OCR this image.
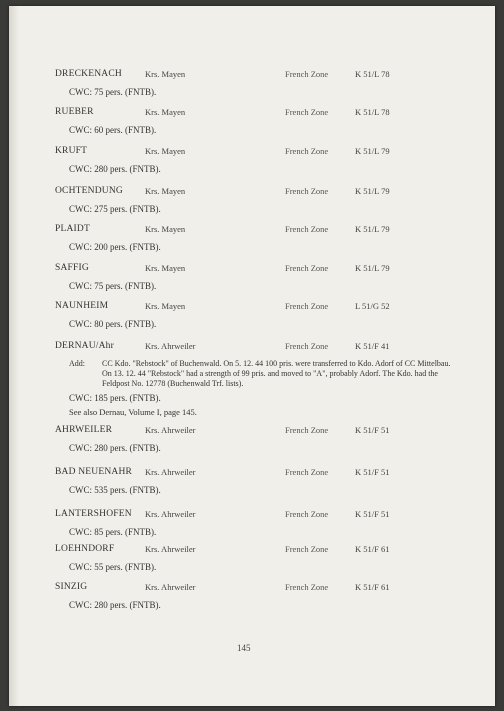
DRECKENACH	Krs. Mayen	French Zone	K 51/L 78
CWC: 75 pers. (FNTB).
RUEBER	Krs. Mayen	French Zone	K 51/L 78
CWC: 60 pers. (FNTB).
KRUFT	Krs. Mayen	French Zone	K 51/L 79
CWC: 280 pers. (FNTB).
OCHTENDUNG	Krs. Mayen	French Zone	K 51/L 79
CWC: 275 pers. (FNTB).
PLAIDT	Krs. Mayen	French Zone	K 51/L 79
CWC: 200 pers. (FNTB).
SAFFIG	Krs. Mayen	French Zone	K 51/L 79
CWC: 75 pers. (FNTB).
NAUNHEIM	Krs. Mayen	French Zone	L 51/G 52
CWC: 80 pers. (FNTB).
DERNAU/Ahr	Krs. Ahrweiler	French Zone	K 51/F 41
Add:	CC Kdo. "Rebstock" of Buchenwald. On 5. 12. 44 100 pris. were transferred to Kdo. Adorf of CC Mittelbau. On 13. 12. 44 "Rebstock" had a strength of 99 pris. and moved to "A", probably Adorf. The Kdo. had the Feldpost No. 12778 (Buchenwald Trf. lists).
CWC: 185 pers. (FNTB).
See also Dernau, Volume I, page 145.
AHRWEILER	Krs. Ahrweiler	French Zone	K 51/F 51
CWC: 280 pers. (FNTB).
BAD NEUENAHR Krs. Ahrweiler	French Zone	K 51/F 51
CWC: 535 pers. (FNTB).
LANTERSHOFEN Krs. Ahrweiler	French Zone	K 51/F 51
CWC: 85 pers. (FNTB).
LOEHNDORF	Krs. Ahrweiler	French Zone	K 51/F 61
CWC: 55 pers. (FNTB).
SINZIG	Krs. Ahrweiler	French Zone	K 51/F 61
CWC: 280 pers. (FNTB).
145
